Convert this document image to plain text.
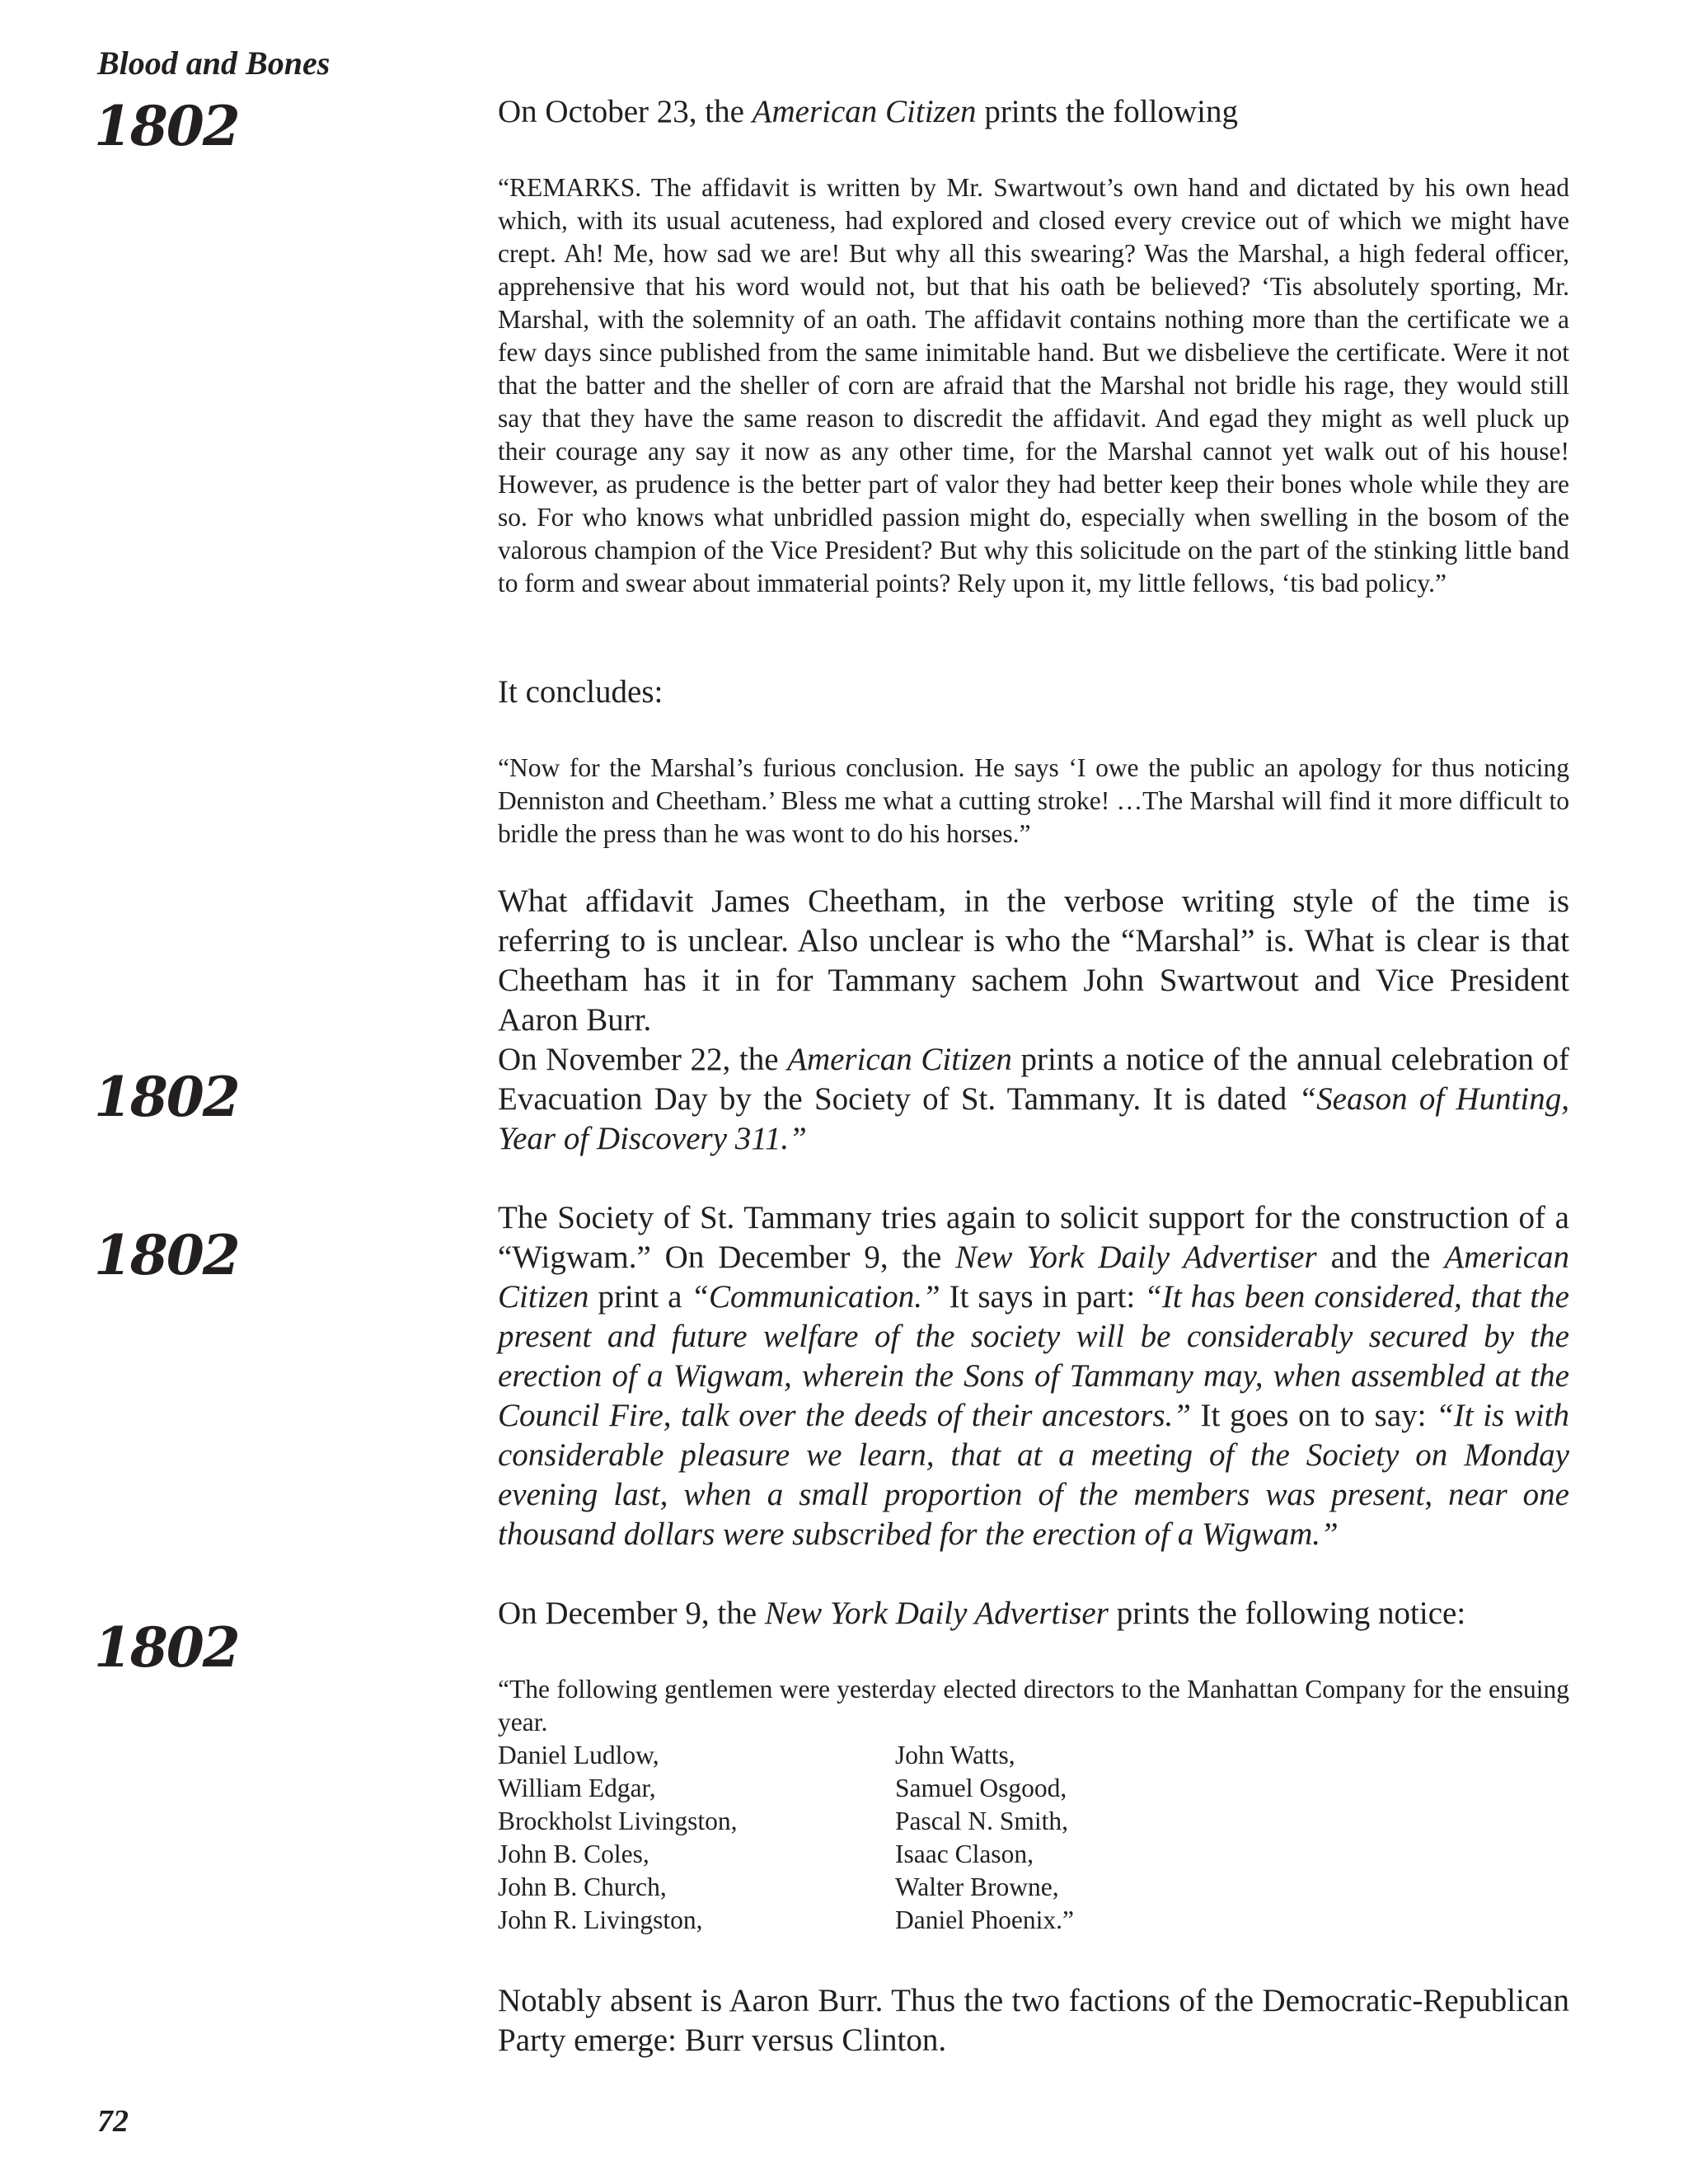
Blood and Bones

1802

1802

1802

1802

On October 23, the American Citizen prints the following

“REMARKS. The affidavit is written by Mr. Swartwout’s own hand and dictated by his own head which, with its usual acuteness, had explored and closed every crevice out of which we might have crept. Ah! Me, how sad we are! But why all this swearing? Was the Marshal, a high federal officer, apprehensive that his word would not, but that his oath be believed? ‘Tis absolutely sporting, Mr. Marshal, with the solemnity of an oath. The affidavit contains nothing more than the certificate we a few days since published from the same inimitable hand. But we disbelieve the certificate. Were it not that the batter and the sheller of corn are afraid that the Marshal not bridle his rage, they would still say that they have the same reason to discredit the affidavit. And egad they might as well pluck up their courage any say it now as any other time, for the Marshal cannot yet walk out of his house! However, as prudence is the better part of valor they had better keep their bones whole while they are so. For who knows what unbridled passion might do, especially when swelling in the bosom of the valorous champion of the Vice President? But why this solicitude on the part of the stinking little band to form and swear about immaterial points? Rely upon it, my little fellows, ‘tis bad policy.”

It concludes:

“Now for the Marshal’s furious conclusion. He says ‘I owe the public an apology for thus noticing Denniston and Cheetham.’ Bless me what a cutting stroke! …The Marshal will find it more difficult to bridle the press than he was wont to do his horses.”

What affidavit James Cheetham, in the verbose writing style of the time is referring to is unclear. Also unclear is who the “Marshal” is. What is clear is that Cheetham has it in for Tammany sachem John Swartwout and Vice President Aaron Burr.

On November 22, the American Citizen prints a notice of the annual celebration of Evacuation Day by the Society of St. Tammany. It is dated “Season of Hunting, Year of Discovery 311.”

The Society of St. Tammany tries again to solicit support for the construction of a “Wigwam.” On December 9, the New York Daily Advertiser and the American Citizen print a “Communication.” It says in part: “It has been considered, that the present and future welfare of the society will be considerably secured by the erection of a Wigwam, wherein the Sons of Tammany may, when assembled at the Council Fire, talk over the deeds of their ancestors.” It goes on to say: “It is with considerable pleasure we learn, that at a meeting of the Society on Monday evening last, when a small proportion of the members was present, near one thousand dollars were subscribed for the erection of a Wigwam.”

On December 9, the New York Daily Advertiser prints the following notice:

“The following gentlemen were yesterday elected directors to the Manhattan Company for the ensuing year.

Daniel Ludlow,
William Edgar,
Brockholst Livingston,
John B. Coles,
John B. Church,
John R. Livingston,
John Watts,
Samuel Osgood,
Pascal N. Smith,
Isaac Clason,
Walter Browne,
Daniel Phoenix.”

Notably absent is Aaron Burr. Thus the two factions of the Democratic-Republican Party emerge: Burr versus Clinton.

72
